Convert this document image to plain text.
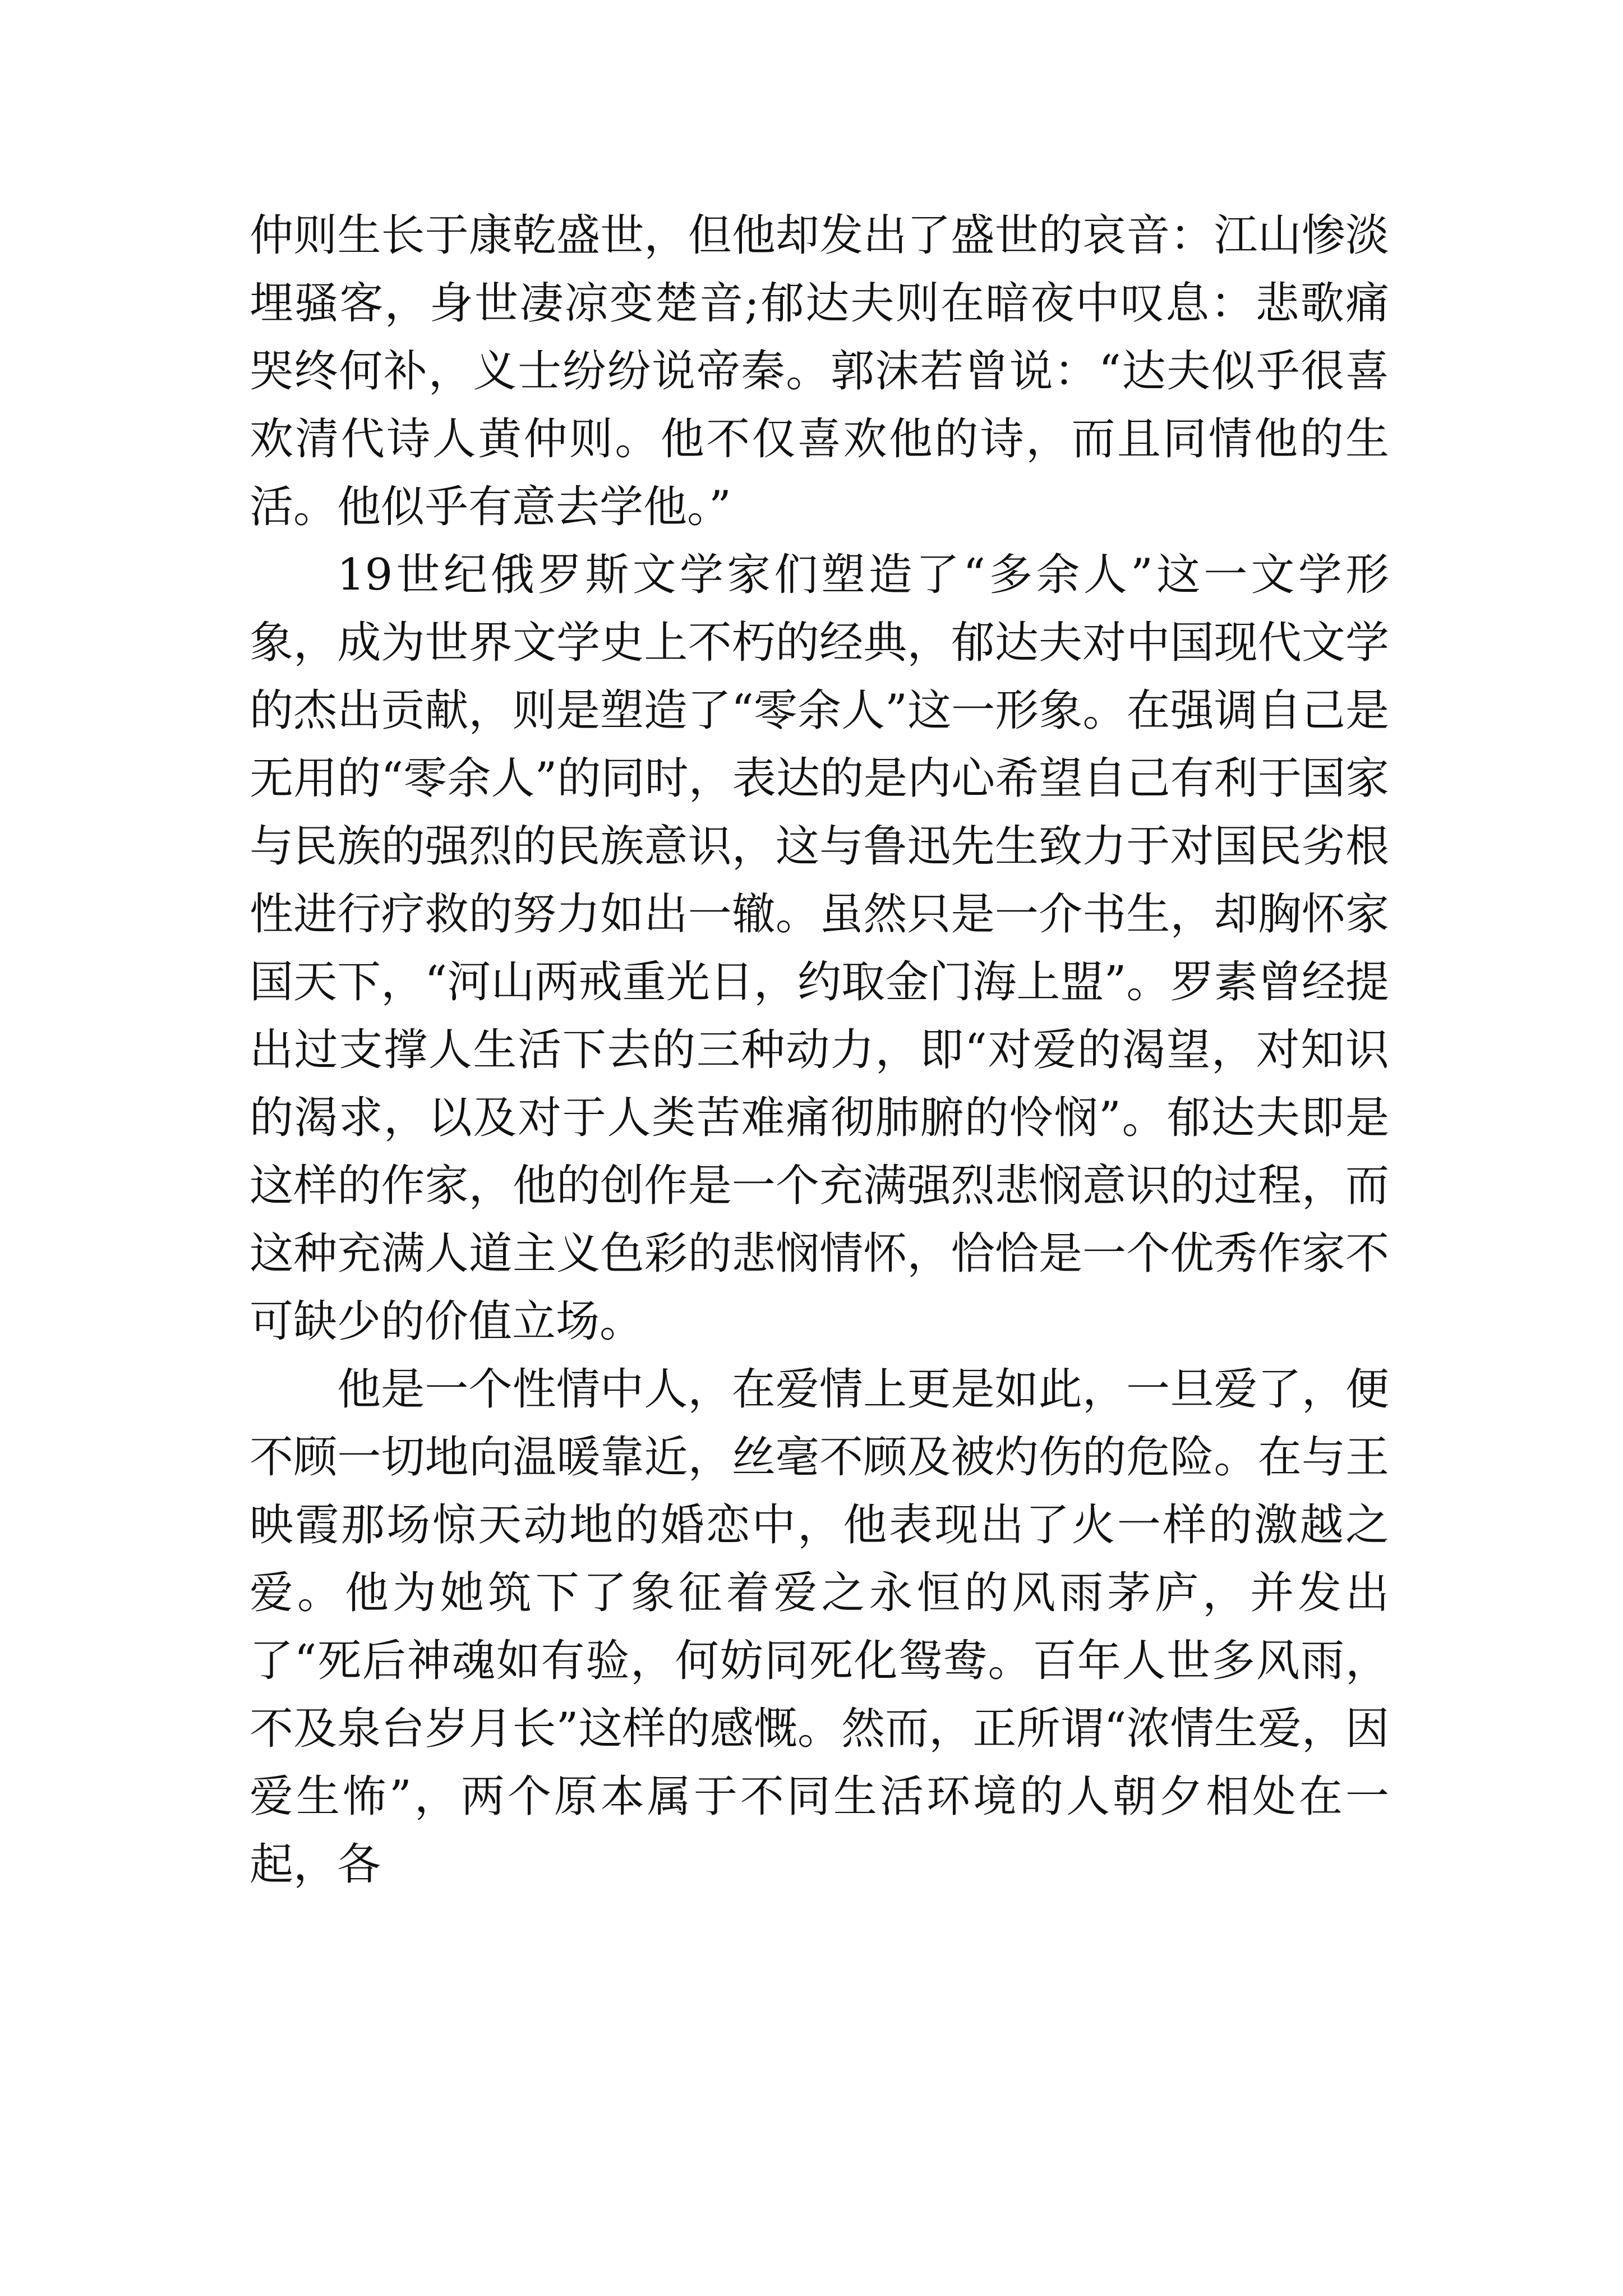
仲则生长于康乾盛世，但他却发出了盛世的哀音：江山惨淡埋骚客，身世凄凉变楚音;郁达夫则在暗夜中叹息：悲歌痛哭终何补，义士纷纷说帝秦。郭沫若曾说：“达夫似乎很喜欢清代诗人黄仲则。他不仅喜欢他的诗，而且同情他的生活。他似乎有意去学他。”

19世纪俄罗斯文学家们塑造了“多余人”这一文学形象，成为世界文学史上不朽的经典，郁达夫对中国现代文学的杰出贡献，则是塑造了“零余人”这一形象。在强调自己是无用的“零余人”的同时，表达的是内心希望自己有利于国家与民族的强烈的民族意识，这与鲁迅先生致力于对国民劣根性进行疗救的努力如出一辙。虽然只是一介书生，却胸怀家国天下，“河山两戒重光日，约取金门海上盟”。罗素曾经提出过支撑人生活下去的三种动力，即“对爱的渴望，对知识的渴求，以及对于人类苦难痛彻肺腑的怜悯”。郁达夫即是这样的作家，他的创作是一个充满强烈悲悯意识的过程，而这种充满人道主义色彩的悲悯情怀，恰恰是一个优秀作家不可缺少的价值立场。

他是一个性情中人，在爱情上更是如此，一旦爱了，便不顾一切地向温暖靠近，丝毫不顾及被灼伤的危险。在与王映霞那场惊天动地的婚恋中，他表现出了火一样的激越之爱。他为她筑下了象征着爱之永恒的风雨茅庐，并发出了“死后神魂如有验，何妨同死化鸳鸯。百年人世多风雨，不及泉台岁月长”这样的感慨。然而，正所谓“浓情生爱，因爱生怖”，两个原本属于不同生活环境的人朝夕相处在一起，各
